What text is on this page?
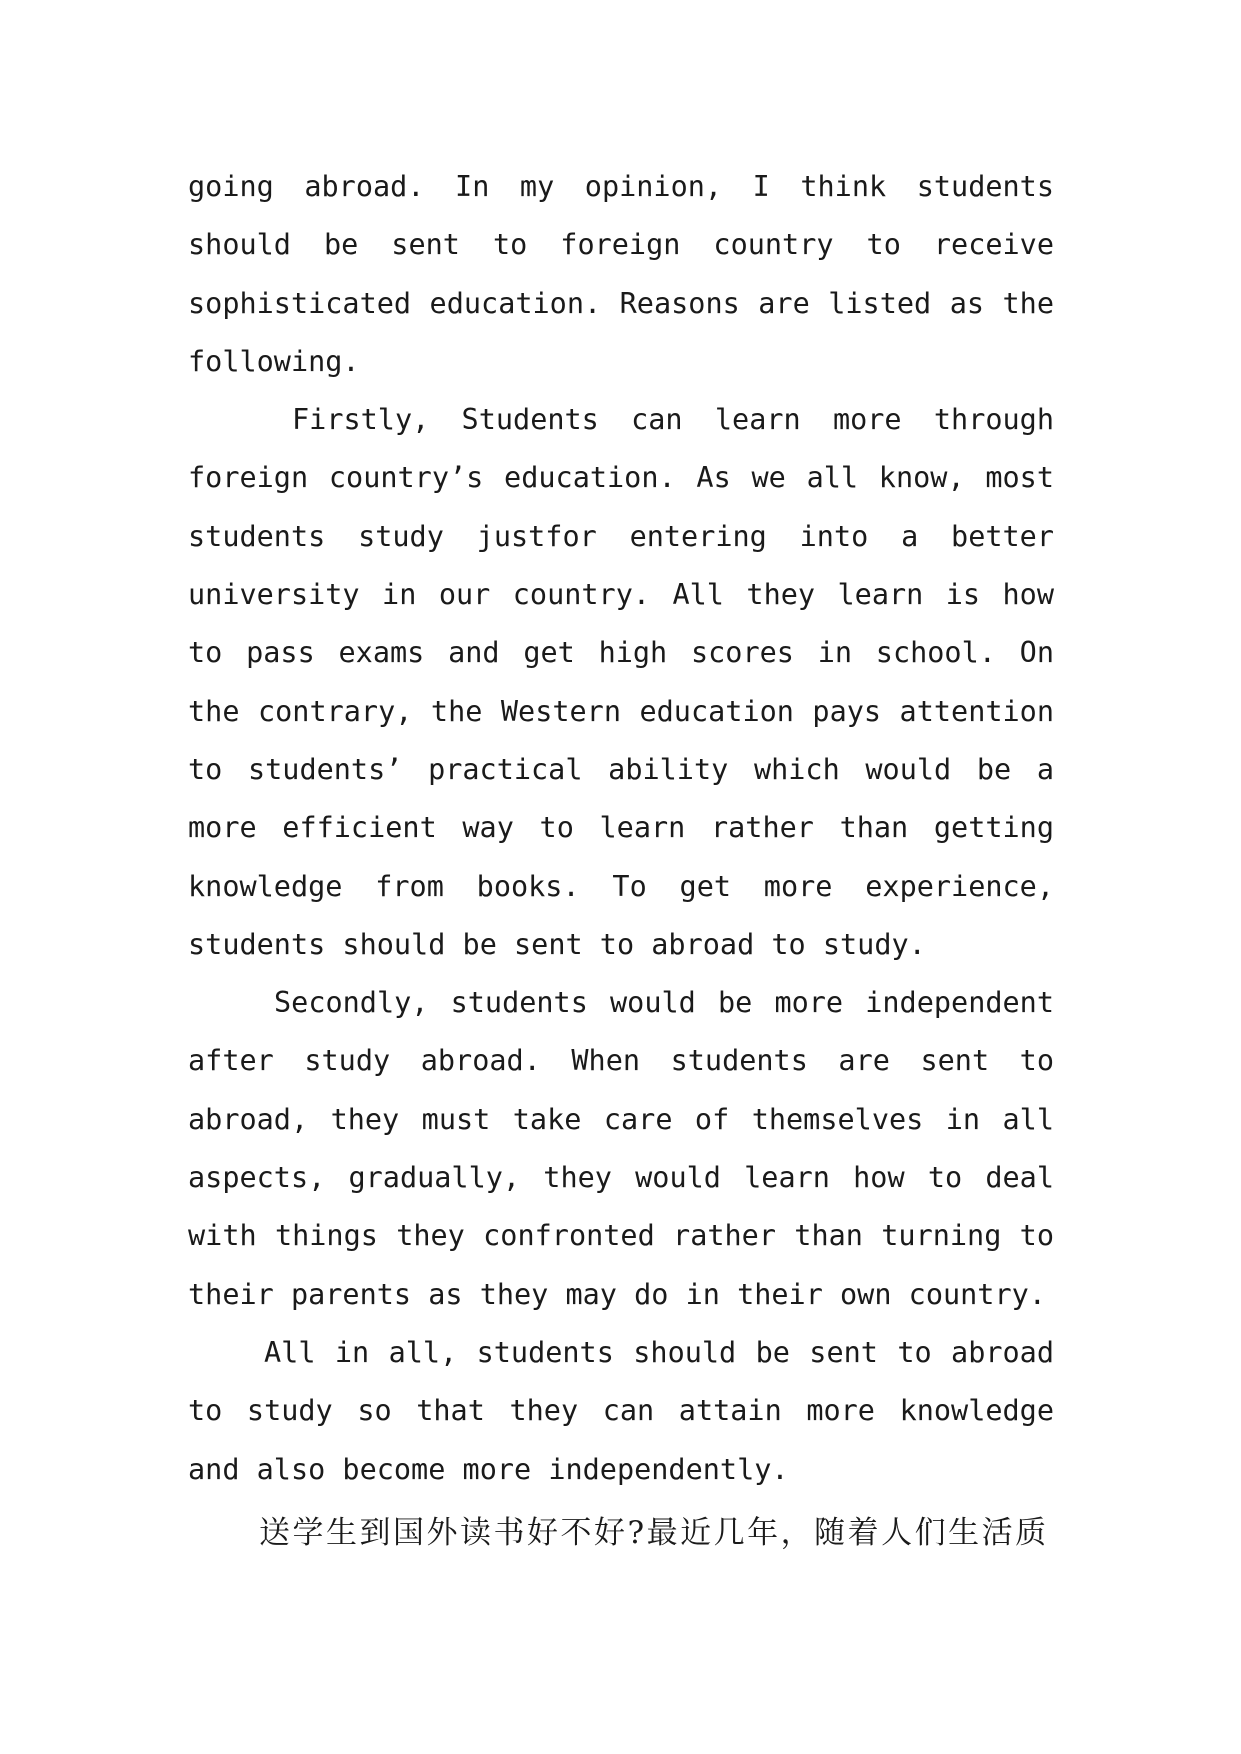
going abroad. In my opinion, I think students should be sent to foreign country to receive sophisticated education. Reasons are listed as the following.

Firstly, Students can learn more through foreign country’s education. As we all know, most students study justfor entering into a better university in our country. All they learn is how to pass exams and get high scores in school. On the contrary, the Western education pays attention to students’ practical ability which would be a more efficient way to learn rather than getting knowledge from books. To get more experience, students should be sent to abroad to study.

Secondly, students would be more independent after study abroad. When students are sent to abroad, they must take care of themselves in all aspects, gradually, they would learn how to deal with things they confronted rather than turning to their parents as they may do in their own country.

All in all, students should be sent to abroad to study so that they can attain more knowledge and also become more independently.

送学生到国外读书好不好?最近几年，随着人们生活质
